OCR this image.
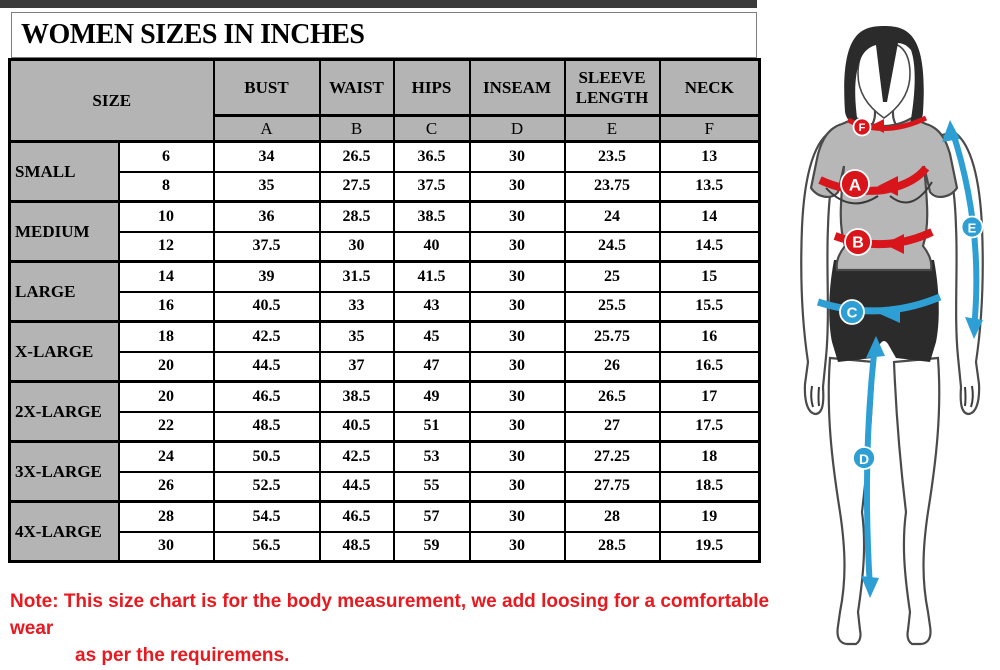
WOMEN SIZES IN INCHES
SIZE		BUST	WAIST	HIPS	INSEAM	SLEEVE LENGTH	NECK
		A	B	C	D	E	F
SMALL	6	34	26.5	36.5	30	23.5	13
	8	35	27.5	37.5	30	23.75	13.5
MEDIUM	10	36	28.5	38.5	30	24	14
	12	37.5	30	40	30	24.5	14.5
LARGE	14	39	31.5	41.5	30	25	15
	16	40.5	33	43	30	25.5	15.5
X-LARGE	18	42.5	35	45	30	25.75	16
	20	44.5	37	47	30	26	16.5
2X-LARGE	20	46.5	38.5	49	30	26.5	17
	22	48.5	40.5	51	30	27	17.5
3X-LARGE	24	50.5	42.5	53	30	27.25	18
	26	52.5	44.5	55	30	27.75	18.5
4X-LARGE	28	54.5	46.5	57	30	28	19
	30	56.5	48.5	59	30	28.5	19.5
Note: This size chart is for the body measurement, we add loosing for a comfortable wear
as per the requiremens.
A
B
C
D
E
F
